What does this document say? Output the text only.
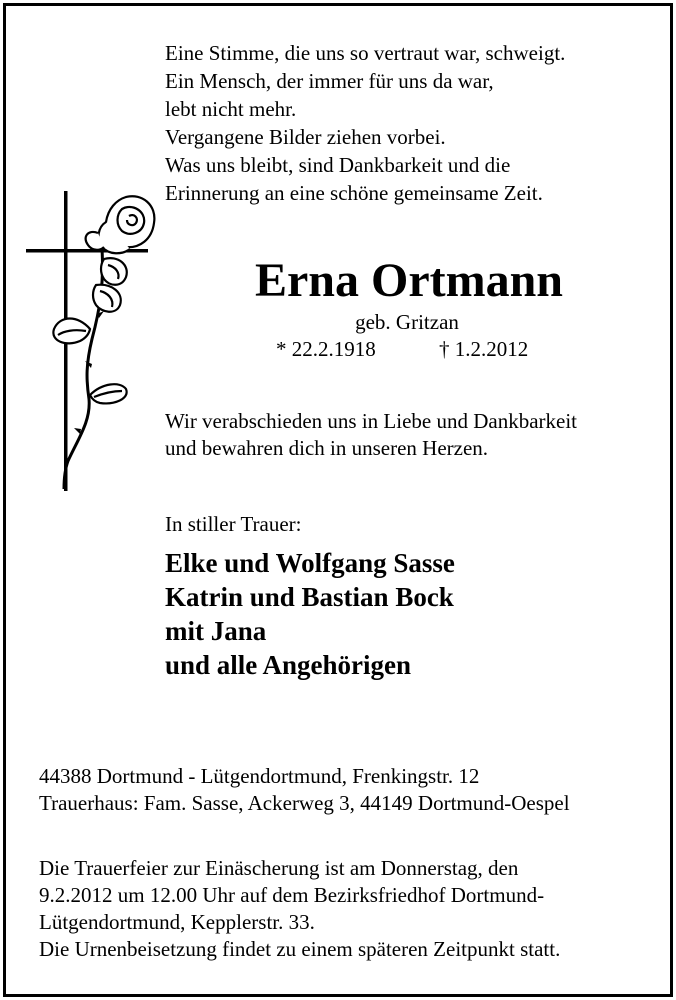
Eine Stimme, die uns so vertraut war, schweigt.
Ein Mensch, der immer für uns da war,
lebt nicht mehr.
Vergangene Bilder ziehen vorbei.
Was uns bleibt, sind Dankbarkeit und die
Erinnerung an eine schöne gemeinsame Zeit.
Erna Ortmann
geb. Gritzan
* 22.2.1918	† 1.2.2012
Wir verabschieden uns in Liebe und Dankbarkeit
und bewahren dich in unseren Herzen.
In stiller Trauer:
Elke und Wolfgang Sasse
Katrin und Bastian Bock
mit Jana
und alle Angehörigen
44388 Dortmund - Lütgendortmund, Frenkingstr. 12
Trauerhaus: Fam. Sasse, Ackerweg 3, 44149 Dortmund-Oespel
Die Trauerfeier zur Einäscherung ist am Donnerstag, den
9.2.2012 um 12.00 Uhr auf dem Bezirksfriedhof Dortmund-
Lütgendortmund, Kepplerstr. 33.
Die Urnenbeisetzung findet zu einem späteren Zeitpunkt statt.
